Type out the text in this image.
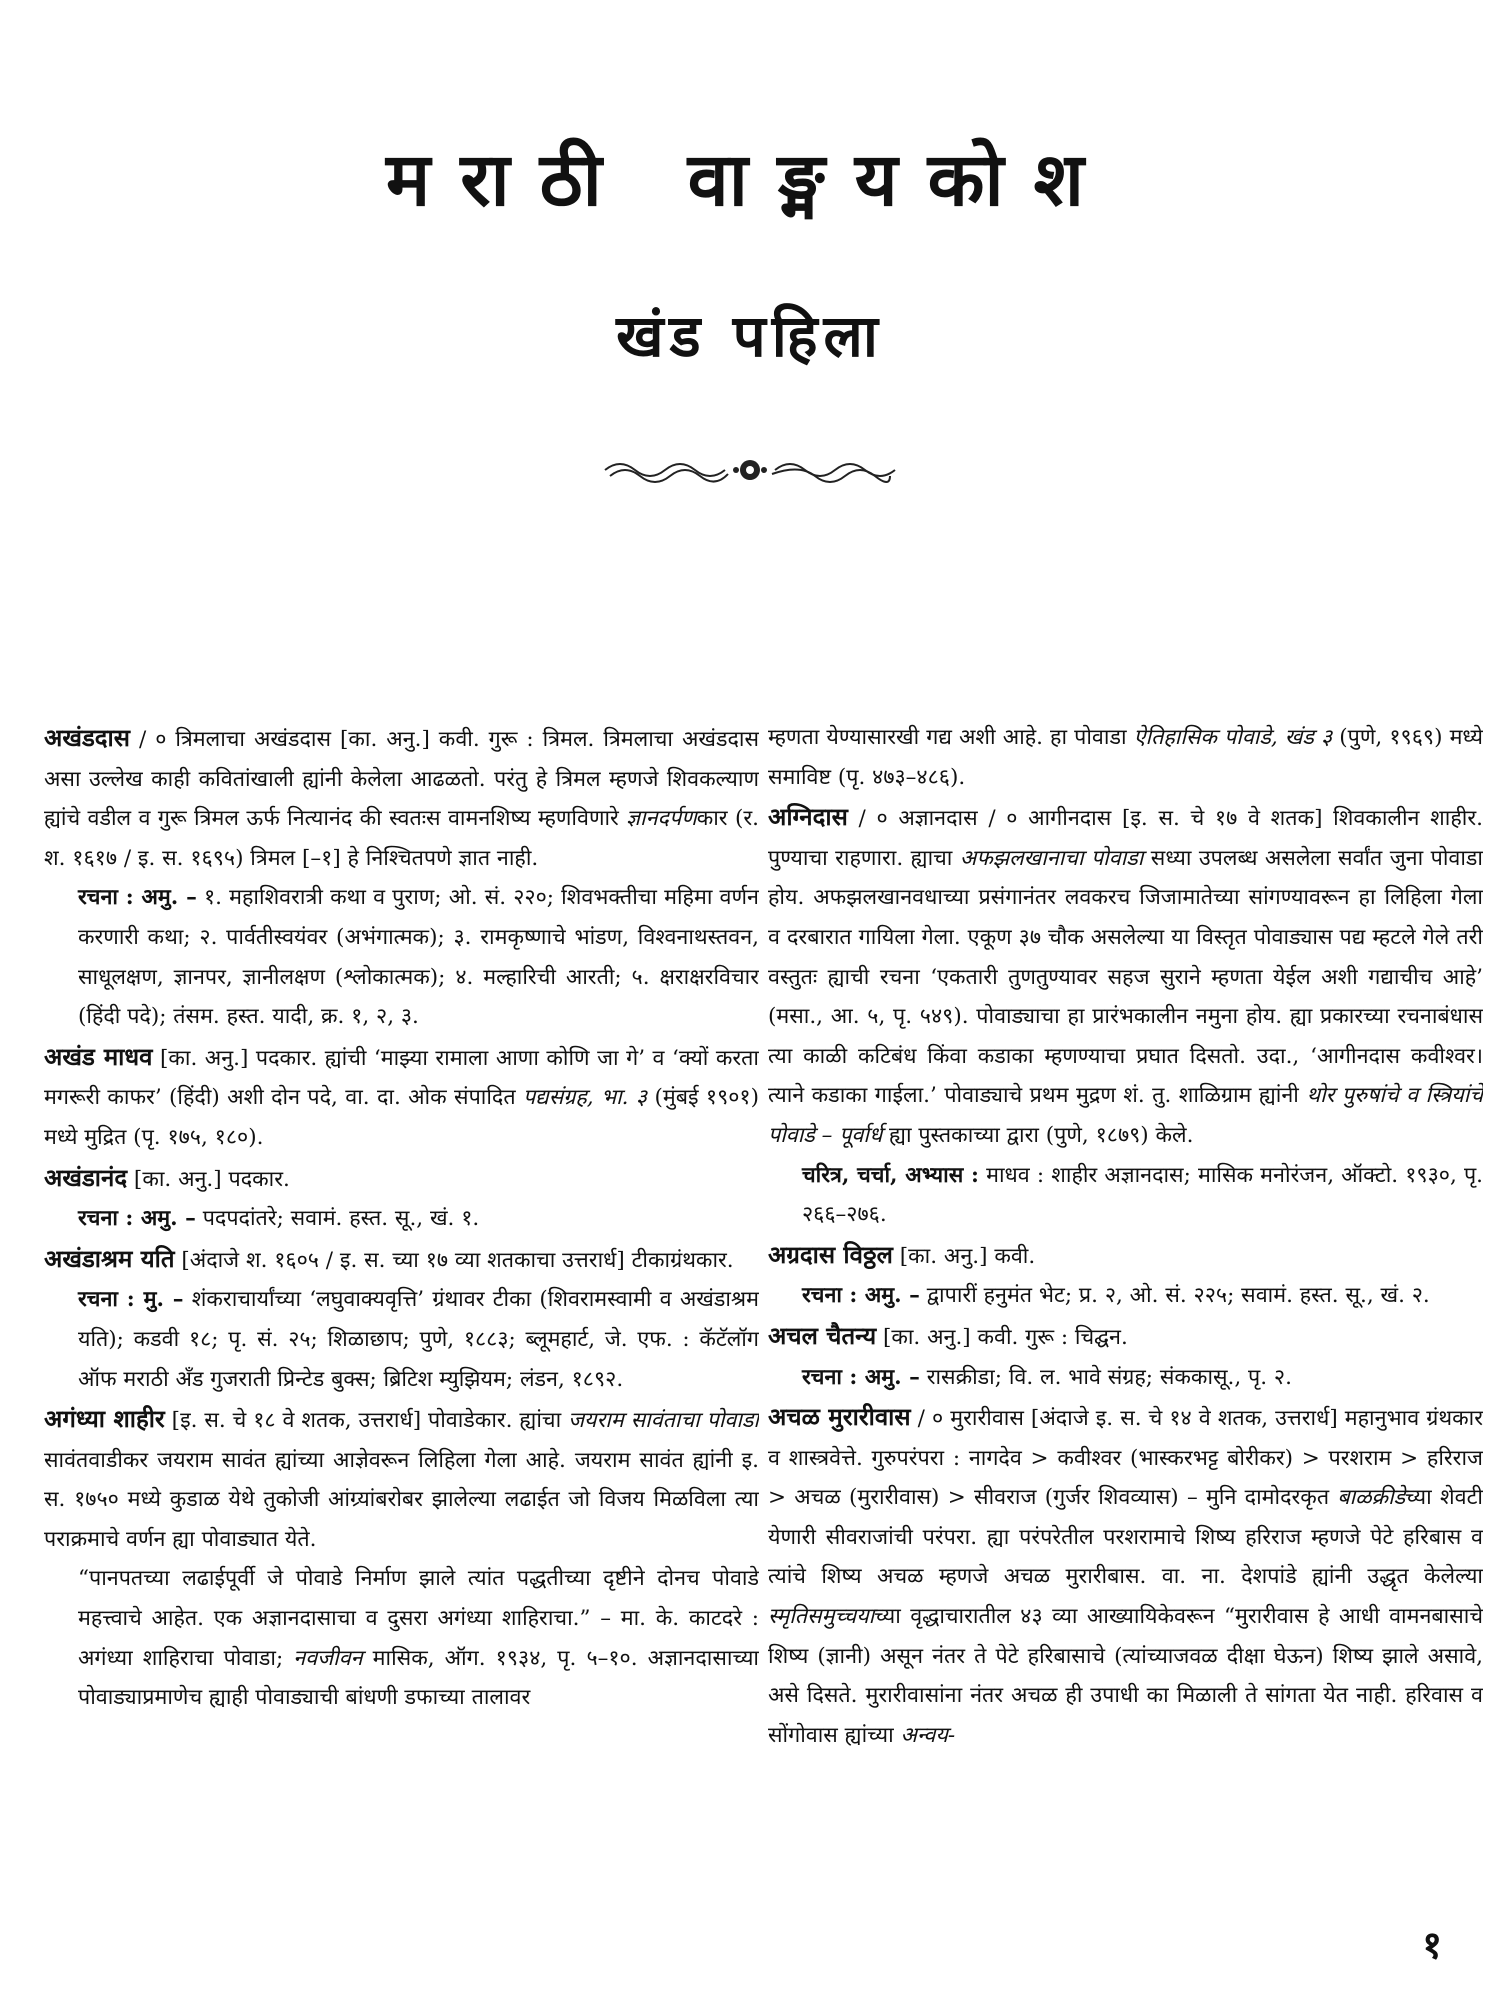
मराठी वाङ्मयकोश
खंड पहिला

अखंडदास / ० त्रिमलाचा अखंडदास [का. अनु.] कवी. गुरू : त्रिमल. त्रिमलाचा अखंडदास असा उल्लेख काही कवितांखाली ह्यांनी केलेला आढळतो. परंतु हे त्रिमल म्हणजे शिवकल्याण ह्यांचे वडील व गुरू त्रिमल ऊर्फ नित्यानंद की स्वतःस वामनशिष्य म्हणविणारे ज्ञानदर्पणकार (र. श. १६१७ / इ. स. १६९५) त्रिमल [–१] हे निश्चितपणे ज्ञात नाही.

रचना : अमु. – १. महाशिवरात्री कथा व पुराण; ओ. सं. २२०; शिवभक्तीचा महिमा वर्णन करणारी कथा; २. पार्वतीस्वयंवर (अभंगात्मक); ३. रामकृष्णाचे भांडण, विश्वनाथस्तवन, साधूलक्षण, ज्ञानपर, ज्ञानीलक्षण (श्लोकात्मक); ४. मल्हारिची आरती; ५. क्षराक्षरविचार (हिंदी पदे); तंसम. हस्त. यादी, क्र. १, २, ३.

अखंड माधव [का. अनु.] पदकार. ह्यांची ‘माझ्या रामाला आणा कोणि जा गे’ व ‘क्यों करता मगरूरी काफर’ (हिंदी) अशी दोन पदे, वा. दा. ओक संपादित पद्यसंग्रह, भा. ३ (मुंबई १९०१) मध्ये मुद्रित (पृ. १७५, १८०).

अखंडानंद [का. अनु.] पदकार.

रचना : अमु. – पदपदांतरे; सवामं. हस्त. सू., खं. १.

अखंडाश्रम यति [अंदाजे श. १६०५ / इ. स. च्या १७ व्या शतकाचा उत्तरार्ध] टीकाग्रंथकार.

रचना : मु. – शंकराचार्यांच्या ‘लघुवाक्यवृत्ति’ ग्रंथावर टीका (शिवरामस्वामी व अखंडाश्रम यति); कडवी १८; पृ. सं. २५; शिळाछाप; पुणे, १८८३; ब्लूमहार्ट, जे. एफ. : कॅटॅलॉग ऑफ मराठी अँड गुजराती प्रिन्टेड बुक्स; ब्रिटिश म्युझियम; लंडन, १८९२.

अगंध्या शाहीर [इ. स. चे १८ वे शतक, उत्तरार्ध] पोवाडेकार. ह्यांचा जयराम सावंताचा पोवाडा सावंतवाडीकर जयराम सावंत ह्यांच्या आज्ञेवरून लिहिला गेला आहे. जयराम सावंत ह्यांनी इ. स. १७५० मध्ये कुडाळ येथे तुकोजी आंग्र्यांबरोबर झालेल्या लढाईत जो विजय मिळविला त्या पराक्रमाचे वर्णन ह्या पोवाड्यात येते.

“पानपतच्या लढाईपूर्वी जे पोवाडे निर्माण झाले त्यांत पद्धतीच्या दृष्टीने दोनच पोवाडे महत्त्वाचे आहेत. एक अज्ञानदासाचा व दुसरा अगंध्या शाहिराचा.” – मा. के. काटदरे : अगंध्या शाहिराचा पोवाडा; नवजीवन मासिक, ऑग. १९३४, पृ. ५–१०. अज्ञानदासाच्या पोवाड्याप्रमाणेच ह्याही पोवाड्याची बांधणी डफाच्या तालावर

म्हणता येण्यासारखी गद्य अशी आहे. हा पोवाडा ऐतिहासिक पोवाडे, खंड ३ (पुणे, १९६९) मध्ये समाविष्ट (पृ. ४७३–४८६).

अग्निदास / ० अज्ञानदास / ० आगीनदास [इ. स. चे १७ वे शतक] शिवकालीन शाहीर. पुण्याचा राहणारा. ह्याचा अफझलखानाचा पोवाडा सध्या उपलब्ध असलेला सर्वांत जुना पोवाडा होय. अफझलखानवधाच्या प्रसंगानंतर लवकरच जिजामातेच्या सांगण्यावरून हा लिहिला गेला व दरबारात गायिला गेला. एकूण ३७ चौक असलेल्या या विस्तृत पोवाड्यास पद्य म्हटले गेले तरी वस्तुतः ह्याची रचना ‘एकतारी तुणतुण्यावर सहज सुराने म्हणता येईल अशी गद्याचीच आहे’ (मसा., आ. ५, पृ. ५४९). पोवाड्याचा हा प्रारंभकालीन नमुना होय. ह्या प्रकारच्या रचनाबंधास त्या काळी कटिबंध किंवा कडाका म्हणण्याचा प्रघात दिसतो. उदा., ‘आगीनदास कवीश्वर। त्याने कडाका गाईला.’ पोवाड्याचे प्रथम मुद्रण शं. तु. शाळिग्राम ह्यांनी थोर पुरुषांचे व स्त्रियांचे पोवाडे – पूर्वार्ध ह्या पुस्तकाच्या द्वारा (पुणे, १८७९) केले.

चरित्र, चर्चा, अभ्यास : माधव : शाहीर अज्ञानदास; मासिक मनोरंजन, ऑक्टो. १९३०, पृ. २६६–२७६.

अग्रदास विठ्ठल [का. अनु.] कवी.

रचना : अमु. – द्वापारीं हनुमंत भेट; प्र. २, ओ. सं. २२५; सवामं. हस्त. सू., खं. २.

अचल चैतन्य [का. अनु.] कवी. गुरू : चिद्घन.

रचना : अमु. – रासक्रीडा; वि. ल. भावे संग्रह; संककासू., पृ. २.

अचळ मुरारीवास / ० मुरारीवास [अंदाजे इ. स. चे १४ वे शतक, उत्तरार्ध] महानुभाव ग्रंथकार व शास्त्रवेत्ते. गुरुपरंपरा : नागदेव > कवीश्वर (भास्करभट्ट बोरीकर) > परशराम > हरिराज > अचळ (मुरारीवास) > सीवराज (गुर्जर शिवव्यास) – मुनि दामोदरकृत बाळक्रीडेच्या शेवटी येणारी सीवराजांची परंपरा. ह्या परंपरेतील परशरामाचे शिष्य हरिराज म्हणजे पेटे हरिबास व त्यांचे शिष्य अचळ म्हणजे अचळ मुरारीबास. वा. ना. देशपांडे ह्यांनी उद्धृत केलेल्या स्मृतिसमुच्चयाच्या वृद्धाचारातील ४३ व्या आख्यायिकेवरून “मुरारीवास हे आधी वामनबासाचे शिष्य (ज्ञानी) असून नंतर ते पेटे हरिबासाचे (त्यांच्याजवळ दीक्षा घेऊन) शिष्य झाले असावे, असे दिसते. मुरारीवासांना नंतर अचळ ही उपाधी का मिळाली ते सांगता येत नाही. हरिवास व सोंगोवास ह्यांच्या अन्वय-

१
